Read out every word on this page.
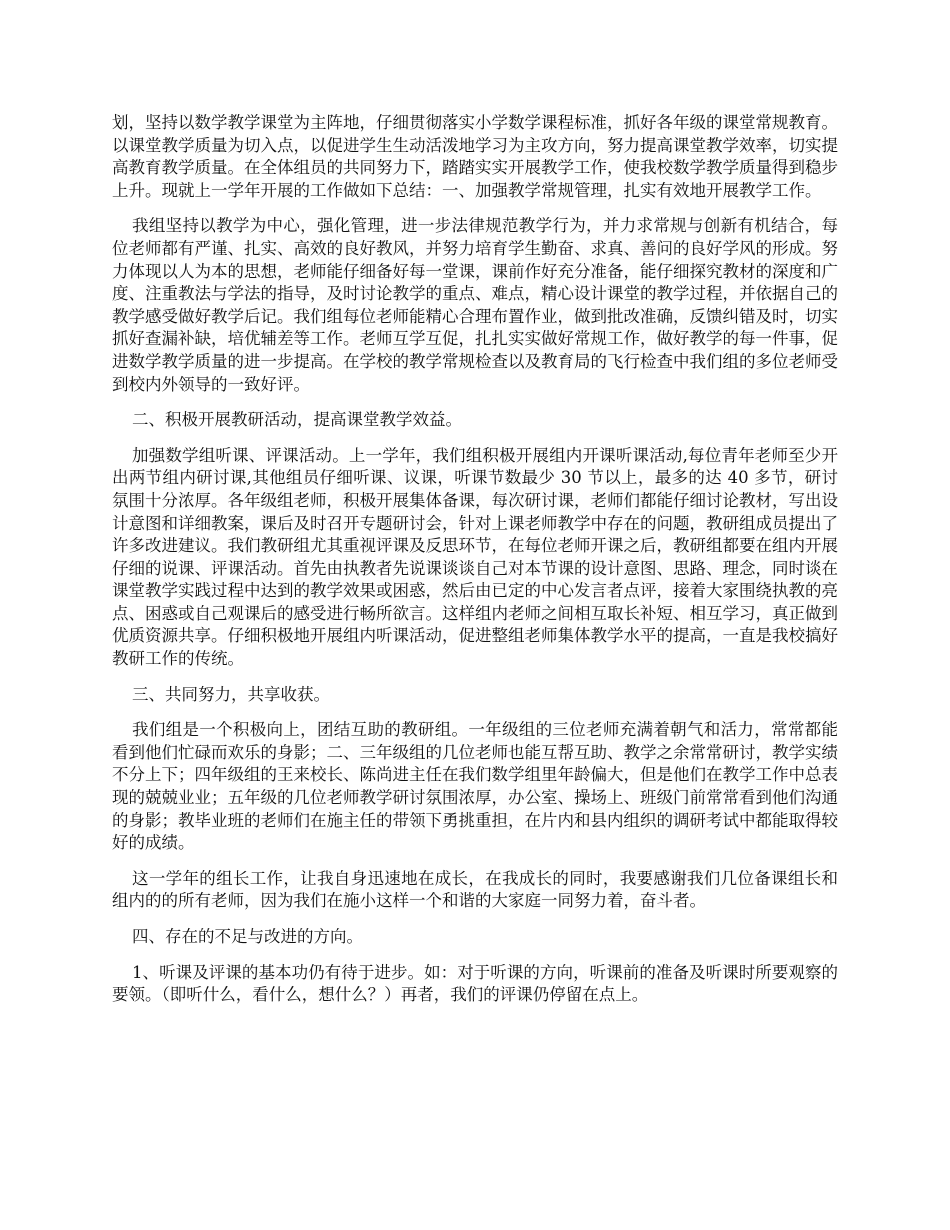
划，坚持以数学教学课堂为主阵地，仔细贯彻落实小学数学课程标准，抓好各年级的课堂常规教育。以课堂教学质量为切入点，以促进学生生动活泼地学习为主攻方向，努力提高课堂教学效率，切实提高教育教学质量。在全体组员的共同努力下，踏踏实实开展教学工作，使我校数学教学质量得到稳步上升。现就上一学年开展的工作做如下总结：一、加强教学常规管理，扎实有效地开展教学工作。

我组坚持以教学为中心，强化管理，进一步法律规范教学行为，并力求常规与创新有机结合，每位老师都有严谨、扎实、高效的良好教风，并努力培育学生勤奋、求真、善问的良好学风的形成。努力体现以人为本的思想，老师能仔细备好每一堂课，课前作好充分准备，能仔细探究教材的深度和广度、注重教法与学法的指导，及时讨论教学的重点、难点，精心设计课堂的教学过程，并依据自己的教学感受做好教学后记。我们组每位老师能精心合理布置作业，做到批改准确，反馈纠错及时，切实抓好查漏补缺，培优辅差等工作。老师互学互促，扎扎实实做好常规工作，做好教学的每一件事，促进数学教学质量的进一步提高。在学校的教学常规检查以及教育局的飞行检查中我们组的多位老师受到校内外领导的一致好评。

二、积极开展教研活动，提高课堂教学效益。

加强数学组听课、评课活动。上一学年，我们组积极开展组内开课听课活动,每位青年老师至少开出两节组内研讨课,其他组员仔细听课、议课，听课节数最少 30 节以上，最多的达 40 多节，研讨氛围十分浓厚。各年级组老师，积极开展集体备课，每次研讨课，老师们都能仔细讨论教材，写出设计意图和详细教案，课后及时召开专题研讨会，针对上课老师教学中存在的问题，教研组成员提出了许多改进建议。我们教研组尤其重视评课及反思环节，在每位老师开课之后，教研组都要在组内开展仔细的说课、评课活动。首先由执教者先说课谈谈自己对本节课的设计意图、思路、理念，同时谈在课堂教学实践过程中达到的教学效果或困惑，然后由已定的中心发言者点评，接着大家围绕执教的亮点、困惑或自己观课后的感受进行畅所欲言。这样组内老师之间相互取长补短、相互学习，真正做到优质资源共享。仔细积极地开展组内听课活动，促进整组老师集体教学水平的提高，一直是我校搞好教研工作的传统。

三、共同努力，共享收获。

我们组是一个积极向上，团结互助的教研组。一年级组的三位老师充满着朝气和活力，常常都能看到他们忙碌而欢乐的身影；二、三年级组的几位老师也能互帮互助、教学之余常常研讨，教学实绩不分上下；四年级组的王来校长、陈尚进主任在我们数学组里年龄偏大，但是他们在教学工作中总表现的兢兢业业；五年级的几位老师教学研讨氛围浓厚，办公室、操场上、班级门前常常看到他们沟通的身影；教毕业班的老师们在施主任的带领下勇挑重担，在片内和县内组织的调研考试中都能取得较好的成绩。

这一学年的组长工作，让我自身迅速地在成长，在我成长的同时，我要感谢我们几位备课组长和组内的的所有老师，因为我们在施小这样一个和谐的大家庭一同努力着，奋斗者。

四、存在的不足与改进的方向。

1、听课及评课的基本功仍有待于进步。如：对于听课的方向，听课前的准备及听课时所要观察的要领。（即听什么，看什么，想什么？）再者，我们的评课仍停留在点上。
